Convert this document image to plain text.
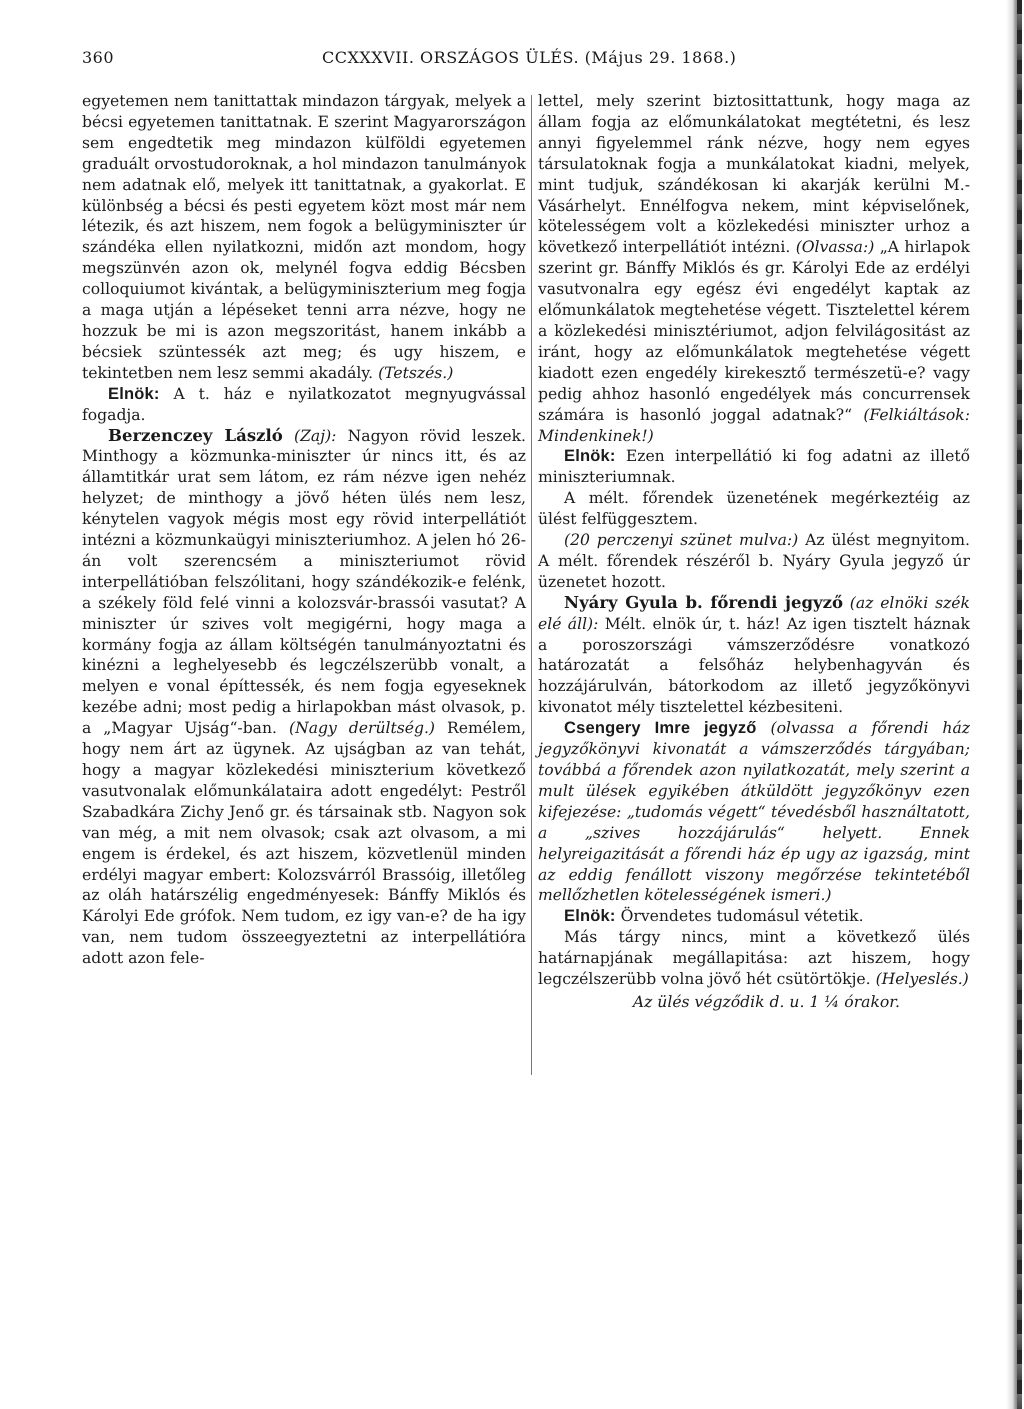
360	CCXXXVII. ORSZÁGOS ÜLÉS. (Május 29. 1868.)

egyetemen nem tanittattak mindazon tárgyak, melyek a bécsi egyetemen tanittatnak. E szerint Magyarországon sem engedtetik meg mindazon külföldi egyetemen graduált orvostudoroknak, a hol mindazon tanulmányok nem adatnak elő, melyek itt tanittatnak, a gyakorlat. E különbség a bécsi és pesti egyetem közt most már nem létezik, és azt hiszem, nem fogok a belügyminiszter úr szándéka ellen nyilatkozni, midőn azt mondom, hogy megszünvén azon ok, melynél fogva eddig Bécsben colloquiumot kivántak, a belügyminiszterium meg fogja a maga utján a lépéseket tenni arra nézve, hogy ne hozzuk be mi is azon megszoritást, hanem inkább a bécsiek szüntessék azt meg; és ugy hiszem, e tekintetben nem lesz semmi akadály. (Tetszés.)

Elnök: A t. ház e nyilatkozatot megnyugvással fogadja.

Berzenczey László (Zaj): Nagyon rövid leszek. Minthogy a közmunka-miniszter úr nincs itt, és az államtitkár urat sem látom, ez rám nézve igen nehéz helyzet; de minthogy a jövő héten ülés nem lesz, kénytelen vagyok mégis most egy rövid interpellátiót intézni a közmunkaügyi miniszteriumhoz. A jelen hó 26-án volt szerencsém a miniszteriumot rövid interpellátióban felszólitani, hogy szándékozik-e felénk, a székely föld felé vinni a kolozsvár-brassói vasutat? A miniszter úr szives volt megigérni, hogy maga a kormány fogja az állam költségén tanulmányoztatni és kinézni a leghelyesebb és legczélszerübb vonalt, a melyen e vonal építtessék, és nem fogja egyeseknek kezébe adni; most pedig a hirlapokban mást olvasok, p. a „Magyar Ujság“-ban. (Nagy derültség.) Remélem, hogy nem árt az ügynek. Az ujságban az van tehát, hogy a magyar közlekedési miniszterium következő vasutvonalak előmunkálataira adott engedélyt: Pestről Szabadkára Zichy Jenő gr. és társainak stb. Nagyon sok van még, a mit nem olvasok; csak azt olvasom, a mi engem is érdekel, és azt hiszem, közvetlenül minden erdélyi magyar embert: Kolozsvárról Brassóig, illetőleg az oláh határszélig engedményesek: Bánffy Miklós és Károlyi Ede grófok. Nem tudom, ez igy van-e? de ha igy van, nem tudom összeegyeztetni az interpellátióra adott azon fele-

lettel, mely szerint biztosittattunk, hogy maga az állam fogja az előmunkálatokat megtétetni, és lesz annyi figyelemmel ránk nézve, hogy nem egyes társulatoknak fogja a munkálatokat kiadni, melyek, mint tudjuk, szándékosan ki akarják kerülni M.-Vásárhelyt. Ennélfogva nekem, mint képviselőnek, kötelességem volt a közlekedési miniszter urhoz a következő interpellátiót intézni. (Olvassa:) „A hirlapok szerint gr. Bánffy Miklós és gr. Károlyi Ede az erdélyi vasutvonalra egy egész évi engedélyt kaptak az előmunkálatok megtehetése végett. Tisztelettel kérem a közlekedési minisztériumot, adjon felvilágositást az iránt, hogy az előmunkálatok megtehetése végett kiadott ezen engedély kirekesztő természetü-e? vagy pedig ahhoz hasonló engedélyek más concurrensek számára is hasonló joggal adatnak?“ (Felkiáltások: Mindenkinek!)

Elnök: Ezen interpellátió ki fog adatni az illető miniszteriumnak.

A mélt. főrendek üzenetének megérkeztéig az ülést felfüggesztem.

(20 perczenyi szünet mulva:) Az ülést megnyitom. A mélt. főrendek részéről b. Nyáry Gyula jegyző úr üzenetet hozott.

Nyáry Gyula b. főrendi jegyző (az elnöki szék elé áll): Mélt. elnök úr, t. ház! Az igen tisztelt háznak a poroszországi vámszerződésre vonatkozó határozatát a felsőház helybenhagyván és hozzájárulván, bátorkodom az illető jegyzőkönyvi kivonatot mély tisztelettel kézbesiteni.

Csengery Imre jegyző (olvassa a főrendi ház jegyzőkönyvi kivonatát a vámszerződés tárgyában; továbbá a főrendek azon nyilatkozatát, mely szerint a mult ülések egyikében átküldött jegyzőkönyv ezen kifejezése: „tudomás végett“ tévedésből használtatott, a „szives hozzájárulás“ helyett. Ennek helyreigazitását a főrendi ház ép ugy az igazság, mint az eddig fenállott viszony megőrzése tekintetéből mellőzhetlen kötelességének ismeri.)

Elnök: Örvendetes tudomásul vétetik.

Más tárgy nincs, mint a következő ülés határnapjának megállapitása: azt hiszem, hogy legczélszerübb volna jövő hét csütörtökje. (Helyeslés.)

Az ülés végződik d. u. 1 ¼ órakor.
